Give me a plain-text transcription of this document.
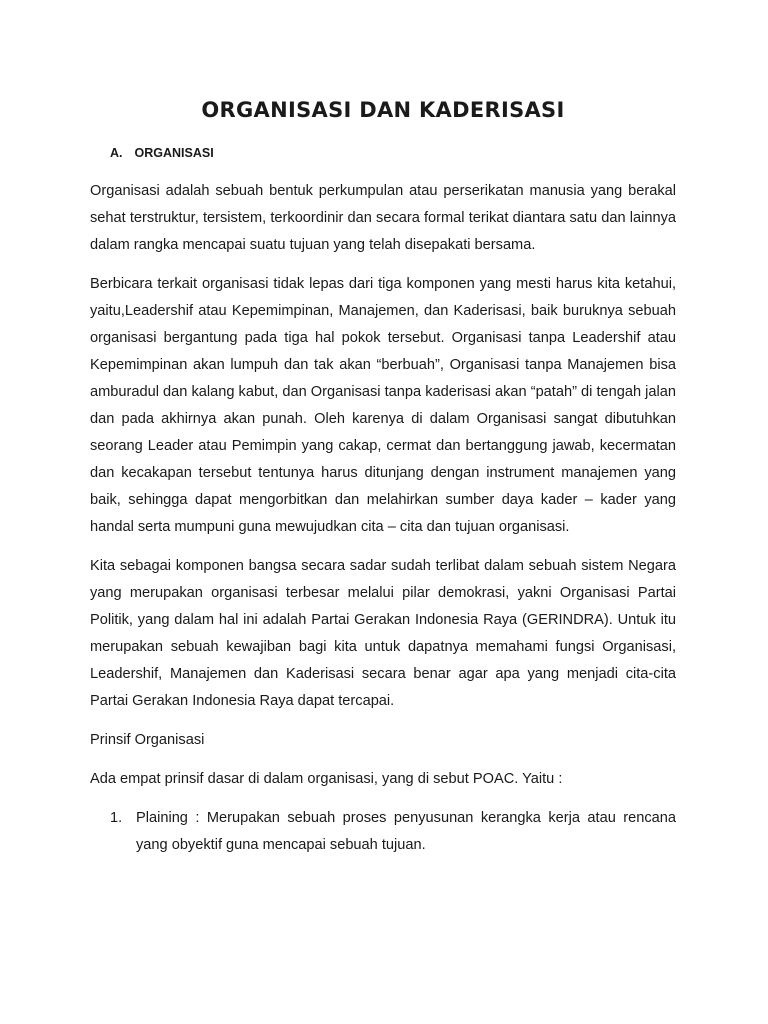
ORGANISASI DAN KADERISASI
A. ORGANISASI

Organisasi adalah sebuah bentuk perkumpulan atau perserikatan manusia yang berakal sehat terstruktur, tersistem, terkoordinir dan secara formal terikat diantara satu dan lainnya dalam rangka mencapai suatu tujuan yang telah disepakati bersama.

Berbicara terkait organisasi tidak lepas dari tiga komponen yang mesti harus kita ketahui, yaitu,Leadershif atau Kepemimpinan, Manajemen, dan Kaderisasi, baik buruknya sebuah organisasi bergantung pada tiga hal pokok tersebut. Organisasi tanpa Leadershif atau Kepemimpinan akan lumpuh dan tak akan “berbuah”, Organisasi tanpa Manajemen bisa amburadul dan kalang kabut, dan Organisasi tanpa kaderisasi akan “patah” di tengah jalan dan pada akhirnya akan punah. Oleh karenya di dalam Organisasi sangat dibutuhkan seorang Leader atau Pemimpin yang cakap, cermat dan bertanggung jawab, kecermatan dan kecakapan tersebut tentunya harus ditunjang dengan instrument manajemen yang baik, sehingga dapat mengorbitkan dan melahirkan sumber daya kader – kader yang handal serta mumpuni guna mewujudkan cita – cita dan tujuan organisasi.

Kita sebagai komponen bangsa secara sadar sudah terlibat dalam sebuah sistem Negara yang merupakan organisasi terbesar melalui pilar demokrasi, yakni Organisasi Partai Politik, yang dalam hal ini adalah Partai Gerakan Indonesia Raya (GERINDRA). Untuk itu merupakan sebuah kewajiban bagi kita untuk dapatnya memahami fungsi Organisasi, Leadershif, Manajemen dan Kaderisasi secara benar agar apa yang menjadi cita-cita Partai Gerakan Indonesia Raya dapat tercapai.

Prinsif Organisasi

Ada empat prinsif dasar di dalam organisasi, yang di sebut POAC. Yaitu :

1. Plaining : Merupakan sebuah proses penyusunan kerangka kerja atau rencana yang obyektif guna mencapai sebuah tujuan.
